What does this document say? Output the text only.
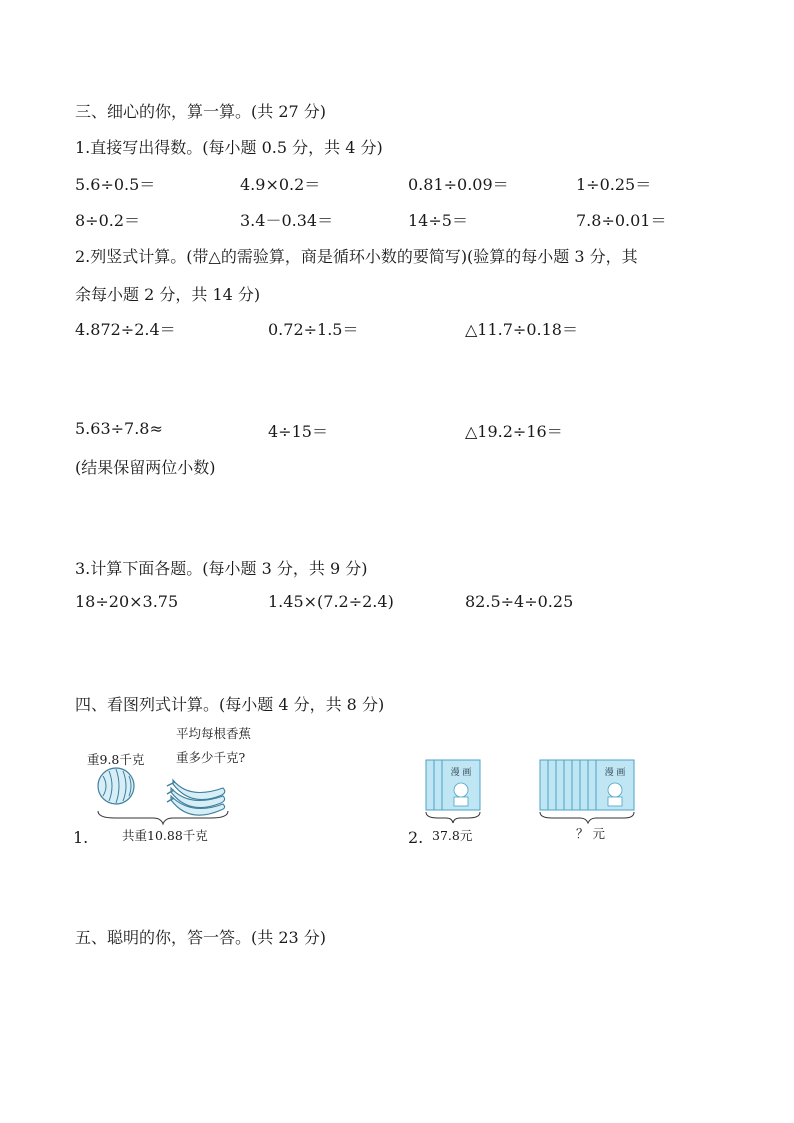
三、细心的你，算一算。(共 27 分)
1.直接写出得数。(每小题 0.5 分，共 4 分)
5.6÷0.5＝	4.9×0.2＝	0.81÷0.09＝	1÷0.25＝
8÷0.2＝	3.4－0.34＝	14÷5＝	7.8÷0.01＝
2.列竖式计算。(带△的需验算，商是循环小数的要简写)(验算的每小题 3 分，其
余每小题 2 分，共 14 分)
4.872÷2.4＝	0.72÷1.5＝	△11.7÷0.18＝
5.63÷7.8≈	4÷15＝	△19.2÷16＝
(结果保留两位小数)
3.计算下面各题。(每小题 3 分，共 9 分)
18÷20×3.75	1.45×(7.2÷2.4)	82.5÷4÷0.25
四、看图列式计算。(每小题 4 分，共 8 分)
1.
重9.8千克
平均每根香蕉
重多少千克?
共重10.88千克	2. 37.8元	？ 元
漫 画	漫 画
五、聪明的你，答一答。(共 23 分)
